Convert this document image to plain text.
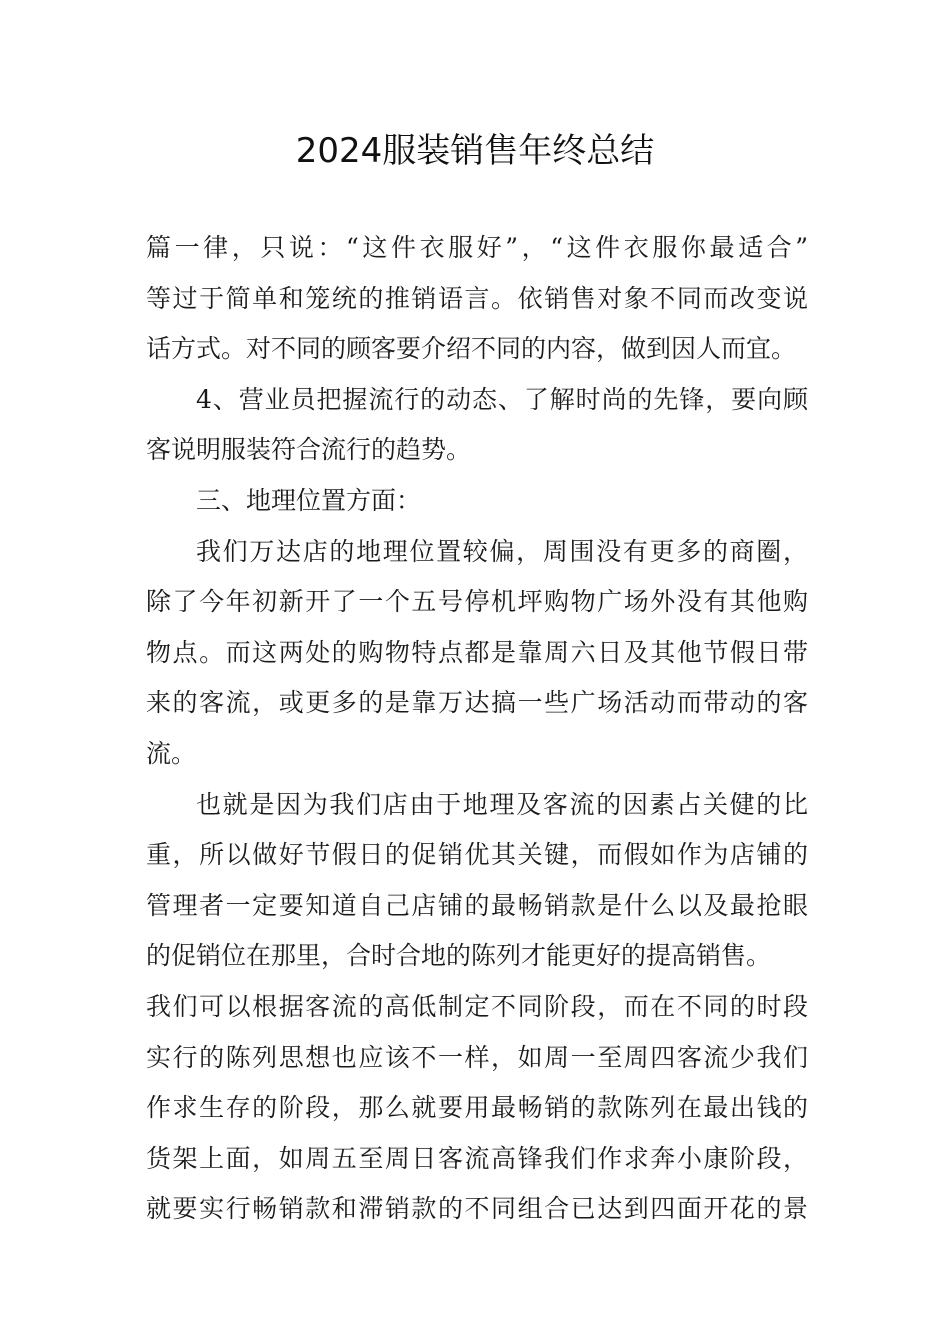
2024服装销售年终总结
篇一律，只说：“这件衣服好”，“这件衣服你最适合”
等过于简单和笼统的推销语言。依销售对象不同而改变说
话方式。对不同的顾客要介绍不同的内容，做到因人而宜。
4、营业员把握流行的动态、了解时尚的先锋，要向顾
客说明服装符合流行的趋势。
三、地理位置方面：
我们万达店的地理位置较偏，周围没有更多的商圈，
除了今年初新开了一个五号停机坪购物广场外没有其他购
物点。而这两处的购物特点都是靠周六日及其他节假日带
来的客流，或更多的是靠万达搞一些广场活动而带动的客
流。
也就是因为我们店由于地理及客流的因素占关健的比
重，所以做好节假日的促销优其关键，而假如作为店铺的
管理者一定要知道自己店铺的最畅销款是什么以及最抢眼
的促销位在那里，合时合地的陈列才能更好的提高销售。
我们可以根据客流的高低制定不同阶段，而在不同的时段
实行的陈列思想也应该不一样，如周一至周四客流少我们
作求生存的阶段，那么就要用最畅销的款陈列在最出钱的
货架上面，如周五至周日客流高锋我们作求奔小康阶段，
就要实行畅销款和滞销款的不同组合已达到四面开花的景
